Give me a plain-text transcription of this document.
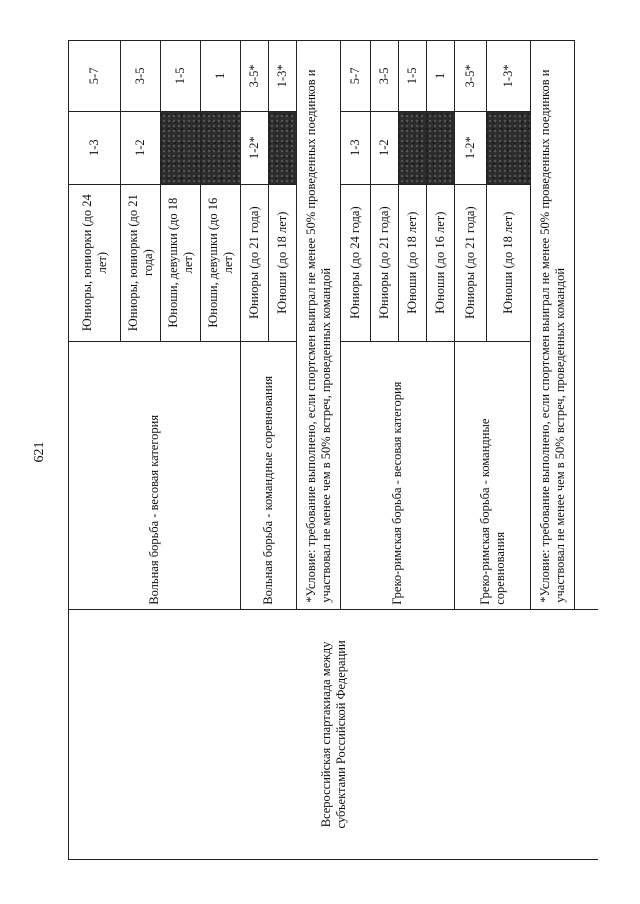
621
Всероссийская спартакиада между субъектами Российской Федерации	Вольная борьба - весовая категория	Юниоры, юниорки (до 24 лет)	1-3	5-7
		Юниоры, юниорки (до 21 года)	1-2	3-5
		Юноши, девушки (до 18 лет)		1-5
		Юноши, девушки (до 16 лет)		1
	Вольная борьба - командные соревнования	Юниоры (до 21 года)	1-2*	3-5*
		Юноши (до 18 лет)		1-3*
	*Условие: требование выполнено, если спортсмен выиграл не менее 50% проведенных поединков и участвовал не менее чем в 50% встреч, проведенных командой			
	Греко-римская борьба - весовая категория	Юниоры (до 24 года)	1-3	5-7
		Юниоры (до 21 года)	1-2	3-5
		Юноши (до 18 лет)		1-5
		Юноши (до 16 лет)		1
	Греко-римская борьба - командные соревнования	Юниоры (до 21 года)	1-2*	3-5*
		Юноши (до 18 лет)		1-3*
	*Условие: требование выполнено, если спортсмен выиграл не менее 50% проведенных поединков и участвовал не менее чем в 50% встреч, проведенных командой			
